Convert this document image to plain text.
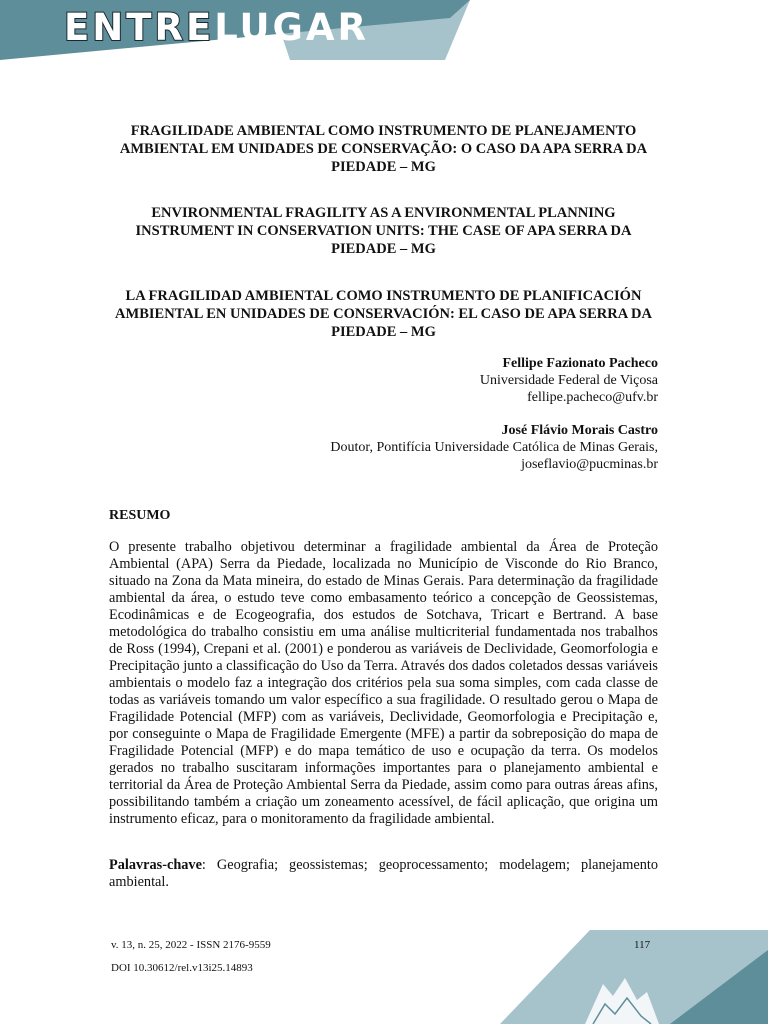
ENTRELUGAR
FRAGILIDADE AMBIENTAL COMO INSTRUMENTO DE PLANEJAMENTO AMBIENTAL EM UNIDADES DE CONSERVAÇÃO: O CASO DA APA SERRA DA PIEDADE – MG
ENVIRONMENTAL FRAGILITY AS A ENVIRONMENTAL PLANNING INSTRUMENT IN CONSERVATION UNITS: THE CASE OF APA SERRA DA PIEDADE – MG
LA FRAGILIDAD AMBIENTAL COMO INSTRUMENTO DE PLANIFICACIÓN AMBIENTAL EN UNIDADES DE CONSERVACIÓN: EL CASO DE APA SERRA DA PIEDADE – MG
Fellipe Fazionato Pacheco
Universidade Federal de Viçosa
fellipe.pacheco@ufv.br
José Flávio Morais Castro
Doutor, Pontifícia Universidade Católica de Minas Gerais,
joseflavio@pucminas.br
RESUMO

O presente trabalho objetivou determinar a fragilidade ambiental da Área de Proteção Ambiental (APA) Serra da Piedade, localizada no Município de Visconde do Rio Branco, situado na Zona da Mata mineira, do estado de Minas Gerais. Para determinação da fragilidade ambiental da área, o estudo teve como embasamento teórico a concepção de Geossistemas, Ecodinâmicas e de Ecogeografia, dos estudos de Sotchava, Tricart e Bertrand. A base metodológica do trabalho consistiu em uma análise multicriterial fundamentada nos trabalhos de Ross (1994), Crepani et al. (2001) e ponderou as variáveis de Declividade, Geomorfologia e Precipitação junto a classificação do Uso da Terra. Através dos dados coletados dessas variáveis ambientais o modelo faz a integração dos critérios pela sua soma simples, com cada classe de todas as variáveis tomando um valor específico a sua fragilidade. O resultado gerou o Mapa de Fragilidade Potencial (MFP) com as variáveis, Declividade, Geomorfologia e Precipitação e, por conseguinte o Mapa de Fragilidade Emergente (MFE) a partir da sobreposição do mapa de Fragilidade Potencial (MFP) e do mapa temático de uso e ocupação da terra. Os modelos gerados no trabalho suscitaram informações importantes para o planejamento ambiental e territorial da Área de Proteção Ambiental Serra da Piedade, assim como para outras áreas afins, possibilitando também a criação um zoneamento acessível, de fácil aplicação, que origina um instrumento eficaz, para o monitoramento da fragilidade ambiental.

Palavras-chave: Geografia; geossistemas; geoprocessamento; modelagem; planejamento ambiental.

v. 13, n. 25, 2022 - ISSN 2176-9559
DOI 10.30612/rel.v13i25.14893
117
